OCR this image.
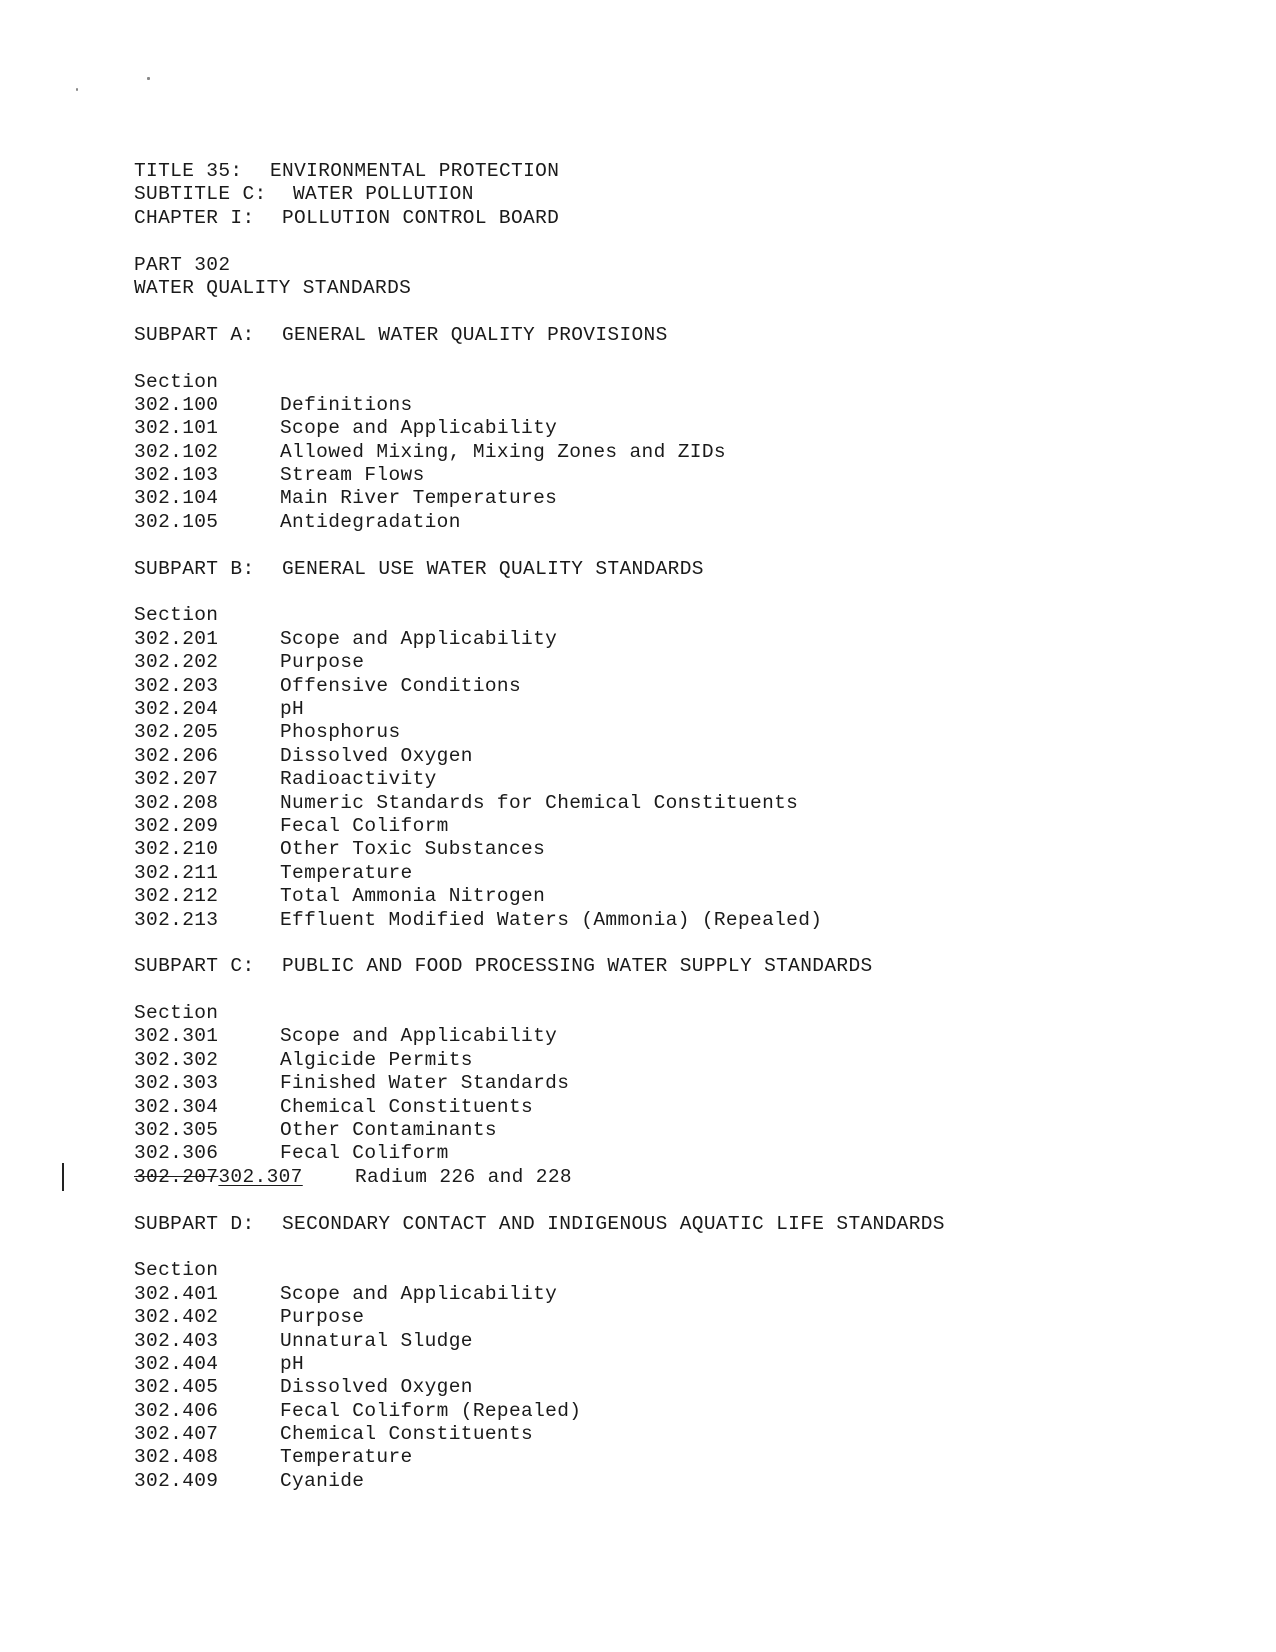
TITLE 35: ENVIRONMENTAL PROTECTION
SUBTITLE C: WATER POLLUTION
CHAPTER I: POLLUTION CONTROL BOARD
PART 302
WATER QUALITY STANDARDS
SUBPART A: GENERAL WATER QUALITY PROVISIONS
Section
302.100	Definitions
302.101	Scope and Applicability
302.102	Allowed Mixing, Mixing Zones and ZIDs
302.103	Stream Flows
302.104	Main River Temperatures
302.105	Antidegradation
SUBPART B: GENERAL USE WATER QUALITY STANDARDS
Section
302.201	Scope and Applicability
302.202	Purpose
302.203	Offensive Conditions
302.204	pH
302.205	Phosphorus
302.206	Dissolved Oxygen
302.207	Radioactivity
302.208	Numeric Standards for Chemical Constituents
302.209	Fecal Coliform
302.210	Other Toxic Substances
302.211	Temperature
302.212	Total Ammonia Nitrogen
302.213	Effluent Modified Waters (Ammonia) (Repealed)
SUBPART C: PUBLIC AND FOOD PROCESSING WATER SUPPLY STANDARDS
Section
302.301	Scope and Applicability
302.302	Algicide Permits
302.303	Finished Water Standards
302.304	Chemical Constituents
302.305	Other Contaminants
302.306	Fecal Coliform
302.207302.307	Radium 226 and 228
SUBPART D: SECONDARY CONTACT AND INDIGENOUS AQUATIC LIFE STANDARDS
Section
302.401	Scope and Applicability
302.402	Purpose
302.403	Unnatural Sludge
302.404	pH
302.405	Dissolved Oxygen
302.406	Fecal Coliform (Repealed)
302.407	Chemical Constituents
302.408	Temperature
302.409	Cyanide
